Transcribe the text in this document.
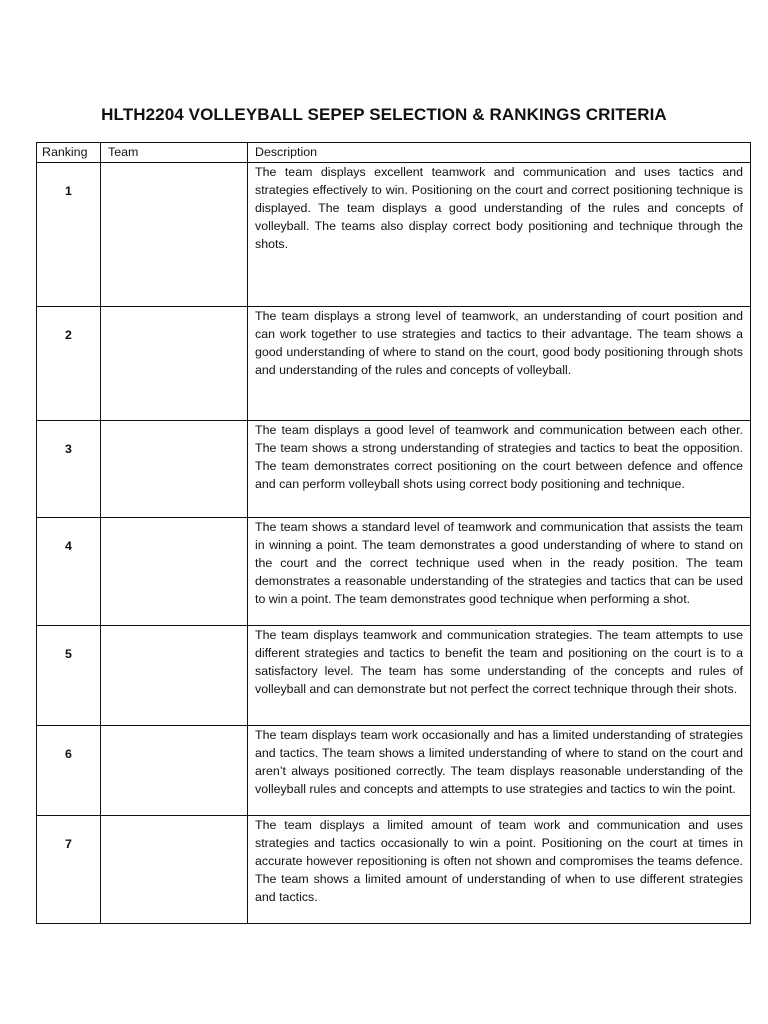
HLTH2204 VOLLEYBALL SEPEP SELECTION & RANKINGS CRITERIA
Ranking	Team	Description
1		The team displays excellent teamwork and communication and uses tactics and strategies effectively to win. Positioning on the court and correct positioning technique is displayed. The team displays a good understanding of the rules and concepts of volleyball. The teams also display correct body positioning and technique through the shots.
2		The team displays a strong level of teamwork, an understanding of court position and can work together to use strategies and tactics to their advantage. The team shows a good understanding of where to stand on the court, good body positioning through shots and understanding of the rules and concepts of volleyball.
3		The team displays a good level of teamwork and communication between each other. The team shows a strong understanding of strategies and tactics to beat the opposition. The team demonstrates correct positioning on the court between defence and offence and can perform volleyball shots using correct body positioning and technique.
4		The team shows a standard level of teamwork and communication that assists the team in winning a point. The team demonstrates a good understanding of where to stand on the court and the correct technique used when in the ready position. The team demonstrates a reasonable understanding of the strategies and tactics that can be used to win a point. The team demonstrates good technique when performing a shot.
5		The team displays teamwork and communication strategies. The team attempts to use different strategies and tactics to benefit the team and positioning on the court is to a satisfactory level. The team has some understanding of the concepts and rules of volleyball and can demonstrate but not perfect the correct technique through their shots.
6		The team displays team work occasionally and has a limited understanding of strategies and tactics. The team shows a limited understanding of where to stand on the court and aren’t always positioned correctly. The team displays reasonable understanding of the volleyball rules and concepts and attempts to use strategies and tactics to win the point.
7		The team displays a limited amount of team work and communication and uses strategies and tactics occasionally to win a point. Positioning on the court at times in accurate however repositioning is often not shown and compromises the teams defence. The team shows a limited amount of understanding of when to use different strategies and tactics.
